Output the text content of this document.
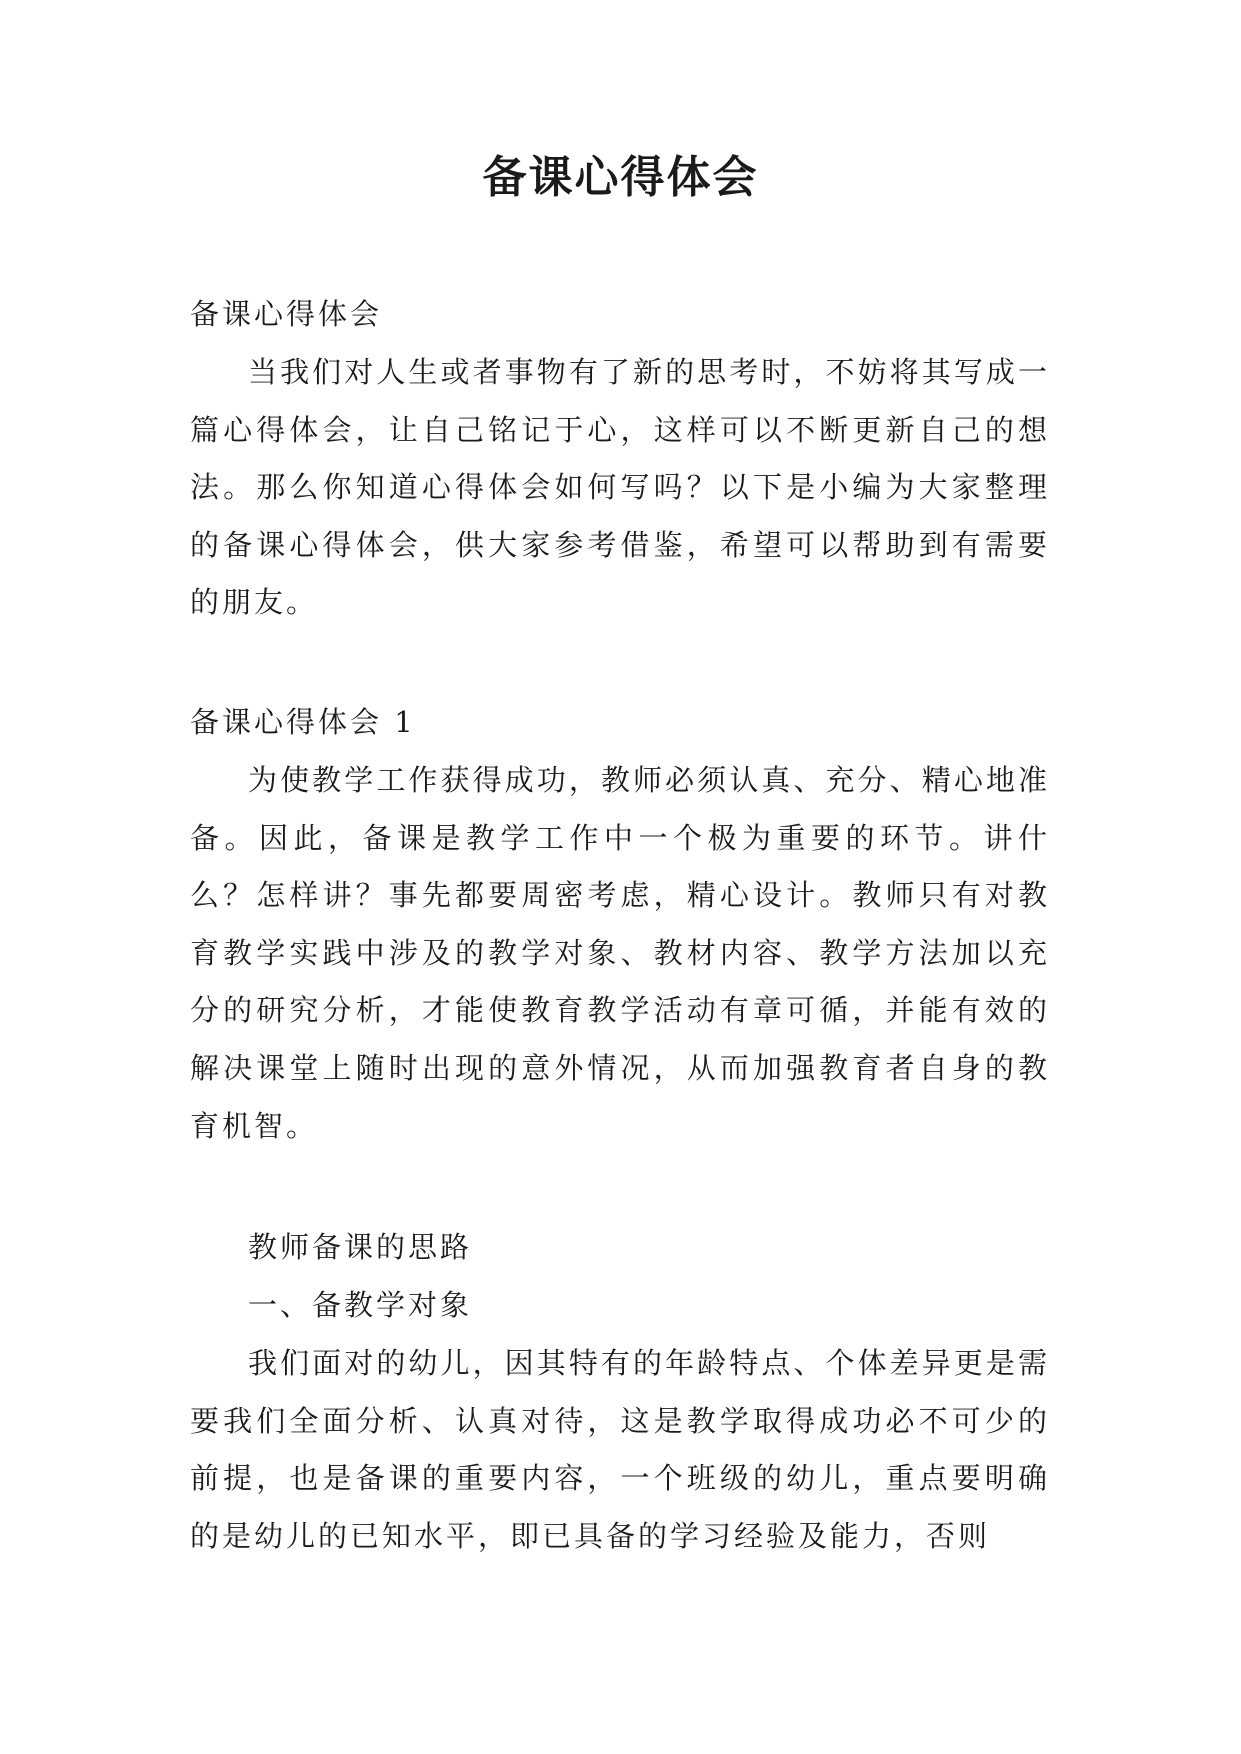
备课心得体会

备课心得体会

当我们对人生或者事物有了新的思考时，不妨将其写成一篇心得体会，让自己铭记于心，这样可以不断更新自己的想法。那么你知道心得体会如何写吗？以下是小编为大家整理的备课心得体会，供大家参考借鉴，希望可以帮助到有需要的朋友。

备课心得体会 1

为使教学工作获得成功，教师必须认真、充分、精心地准备。因此，备课是教学工作中一个极为重要的环节。讲什么？怎样讲？事先都要周密考虑，精心设计。教师只有对教育教学实践中涉及的教学对象、教材内容、教学方法加以充分的研究分析，才能使教育教学活动有章可循，并能有效的解决课堂上随时出现的意外情况，从而加强教育者自身的教育机智。

教师备课的思路

一、备教学对象

我们面对的幼儿，因其特有的年龄特点、个体差异更是需要我们全面分析、认真对待，这是教学取得成功必不可少的前提，也是备课的重要内容，一个班级的幼儿，重点要明确的是幼儿的已知水平，即已具备的学习经验及能力，否则
